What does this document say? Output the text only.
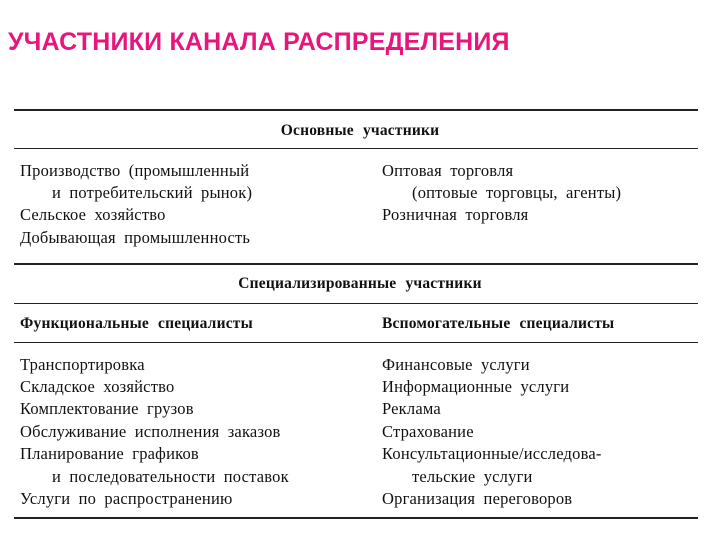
УЧАСТНИКИ КАНАЛА РАСПРЕДЕЛЕНИЯ
Основные участники
Производство (промышленный
и потребительский рынок)
Сельское хозяйство
Добывающая промышленность
Оптовая торговля
(оптовые торговцы, агенты)
Розничная торговля
Специализированные участники
Функциональные специалисты	Вспомогательные специалисты
Транспортировка
Складское хозяйство
Комплектование грузов
Обслуживание исполнения заказов
Планирование графиков
и последовательности поставок
Услуги по распространению
Финансовые услуги
Информационные услуги
Реклама
Страхование
Консультационные/исследова-
тельские услуги
Организация переговоров
